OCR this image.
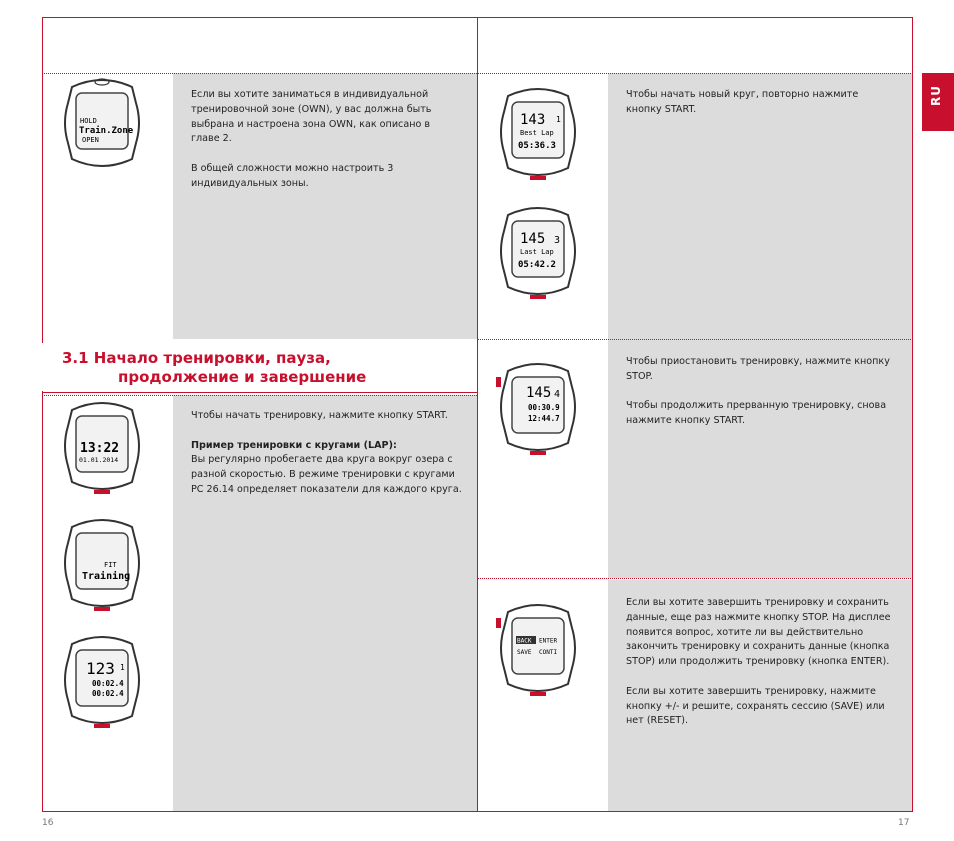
3.1 Начало тренировки, пауза,
продолжение и завершение

Если вы хотите заниматься в индивидуальной тренировочной зоне (OWN), у вас должна быть выбрана и настроена зона OWN, как описано в главе 2.

В общей сложности можно настроить 3 индивидуальных зоны.

Чтобы начать тренировку, нажмите кнопку START.

Пример тренировки с кругами (LAP):

Вы регулярно пробегаете два круга вокруг озера с разной скоростью. В режиме тренировки с кругами PC 26.14 определяет показатели для каждого круга.

Чтобы начать новый круг, повторно нажмите кнопку START.

Чтобы приостановить тренировку, нажмите кнопку STOP.

Чтобы продолжить прерванную тренировку, снова нажмите кнопку START.

Если вы хотите завершить тренировку и сохранить данные, еще раз нажмите кнопку STOP. На дисплее появится вопрос, хотите ли вы действительно закончить тренировку и сохранить данные (кнопка STOP) или продолжить тренировку (кнопка ENTER).

Если вы хотите завершить тренировку, нажмите кнопку +/- и решите, сохранять сессию (SAVE) или нет (RESET).

RU
16	17
HOLD
Train.Zone
OPEN
13:22
01.01.2014
FIT
Training
123 1
00:02.4
00:02.4
143 1
Best Lap
05:36.3
145 3
Last Lap
05:42.2
145 4
00:30.9
12:44.7
BACK ENTER
SAVE CONTI
